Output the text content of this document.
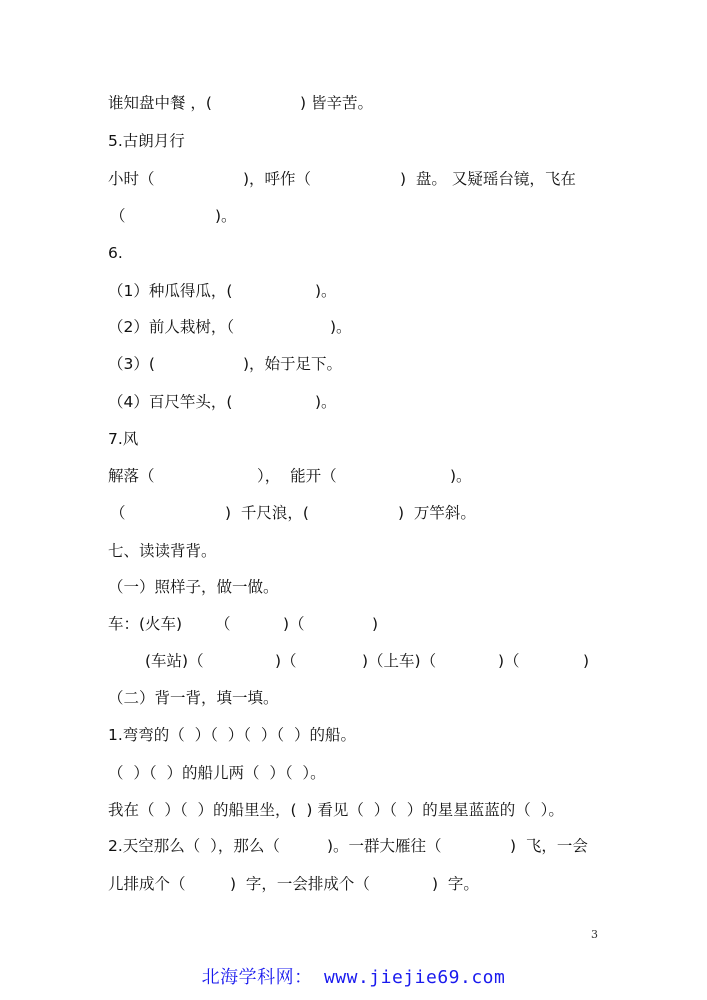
谁知盘中餐 ，(

	) 皆辛苦。

5.古朗月行

小时（

	)，呼作（

	)  盘。 又疑瑶台镜，飞在

（

	)。

6.

（1）种瓜得瓜，(

	)。

（2）前人栽树，（

	)。

（3）(

	)，始于足下。

（4）百尺竿头，(

	)。

7.风

解落（

	），  能开（

	)。

（

	)  千尺浪，(

	)  万竿斜。

七、读读背背。

（一）照样子，做一做。

车：(火车)

（

	)（

	)

(车站)（

	)（

	)（上车)（

	)（

	)

（二）背一背，填一填。

1.弯弯的（  ）（  ）（  ）（  ）的船。

（  ）（  ）的船儿两（  ）（  ）。

我在（  ）（  ）的船里坐，(  ) 看见（  ）（  ）的星星蓝蓝的（  ）。

2.天空那么（  ），那么（

	)。一群大雁往（

	)  飞，一会

儿排成个（

	)  字，一会排成个（

	)  字。

3
北海学科网： www.jiejie69.com
